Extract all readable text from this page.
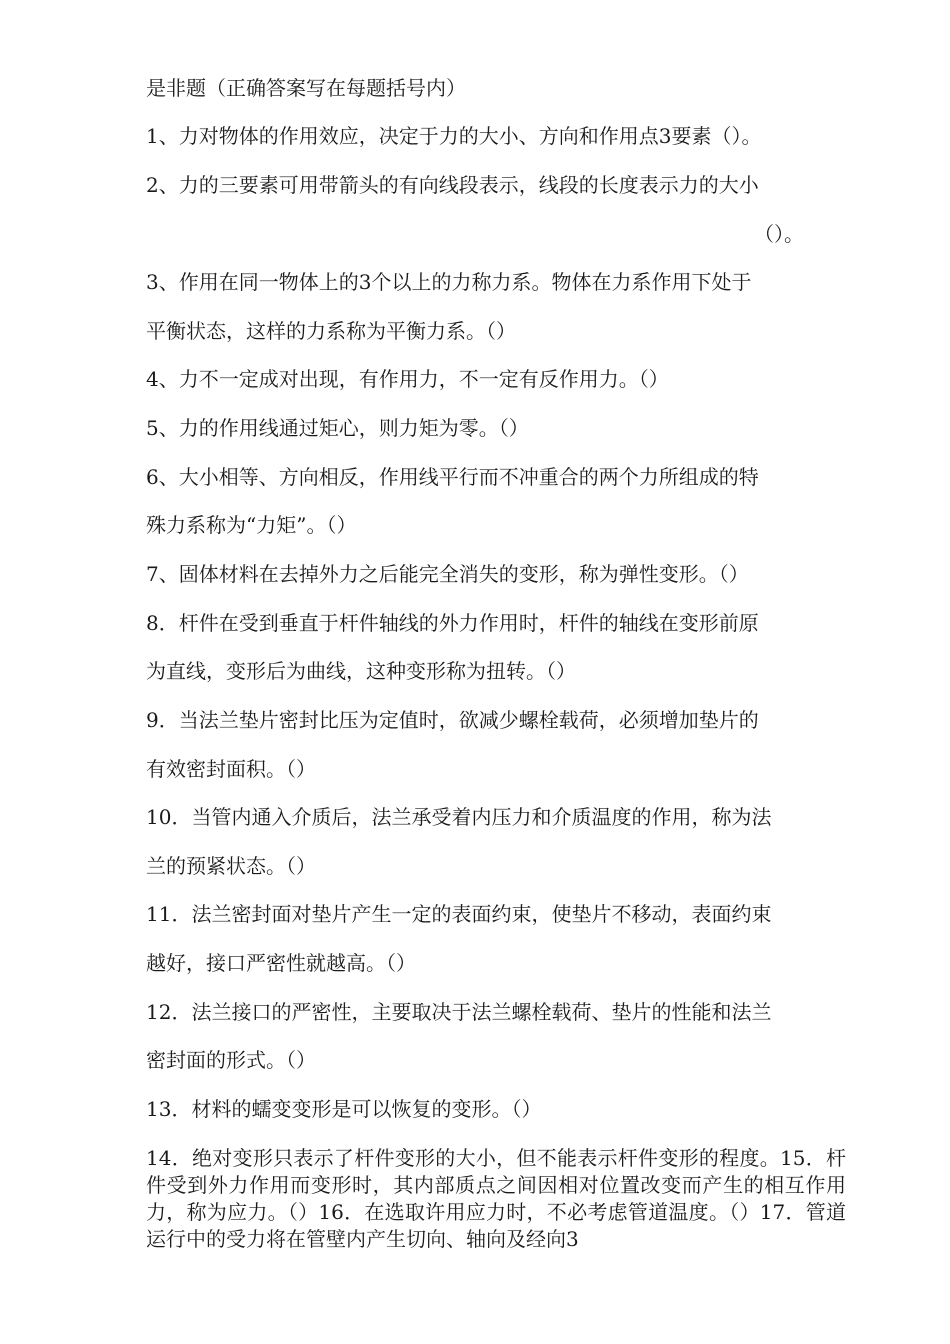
是非题（正确答案写在每题括号内）
1、力对物体的作用效应，决定于力的大小、方向和作用点3要素（）。
2、力的三要素可用带箭头的有向线段表示，线段的长度表示力的大小
（）。
3、作用在同一物体上的3个以上的力称力系。物体在力系作用下处于
平衡状态，这样的力系称为平衡力系。（）
4、力不一定成对出现，有作用力，不一定有反作用力。（）
5、力的作用线通过矩心，则力矩为零。（）
6、大小相等、方向相反，作用线平行而不冲重合的两个力所组成的特
殊力系称为“力矩”。（）
7、固体材料在去掉外力之后能完全消失的变形，称为弹性变形。（）
8．杆件在受到垂直于杆件轴线的外力作用时，杆件的轴线在变形前原
为直线，变形后为曲线，这种变形称为扭转。（）
9．当法兰垫片密封比压为定值时，欲减少螺栓载荷，必须增加垫片的
有效密封面积。（）
10．当管内通入介质后，法兰承受着内压力和介质温度的作用，称为法
兰的预紧状态。（）
11．法兰密封面对垫片产生一定的表面约束，使垫片不移动，表面约束
越好，接口严密性就越高。（）
12．法兰接口的严密性，主要取决于法兰螺栓载荷、垫片的性能和法兰
密封面的形式。（）
13．材料的蠕变变形是可以恢复的变形。（）
14．绝对变形只表示了杆件变形的大小，但不能表示杆件变形的程度。15．杆件受到外力作用而变形时，其内部质点之间因相对位置改变而产生的相互作用力，称为应力。（）16．在选取许用应力时，不必考虑管道温度。（）17．管道运行中的受力将在管壁内产生切向、轴向及经向3
